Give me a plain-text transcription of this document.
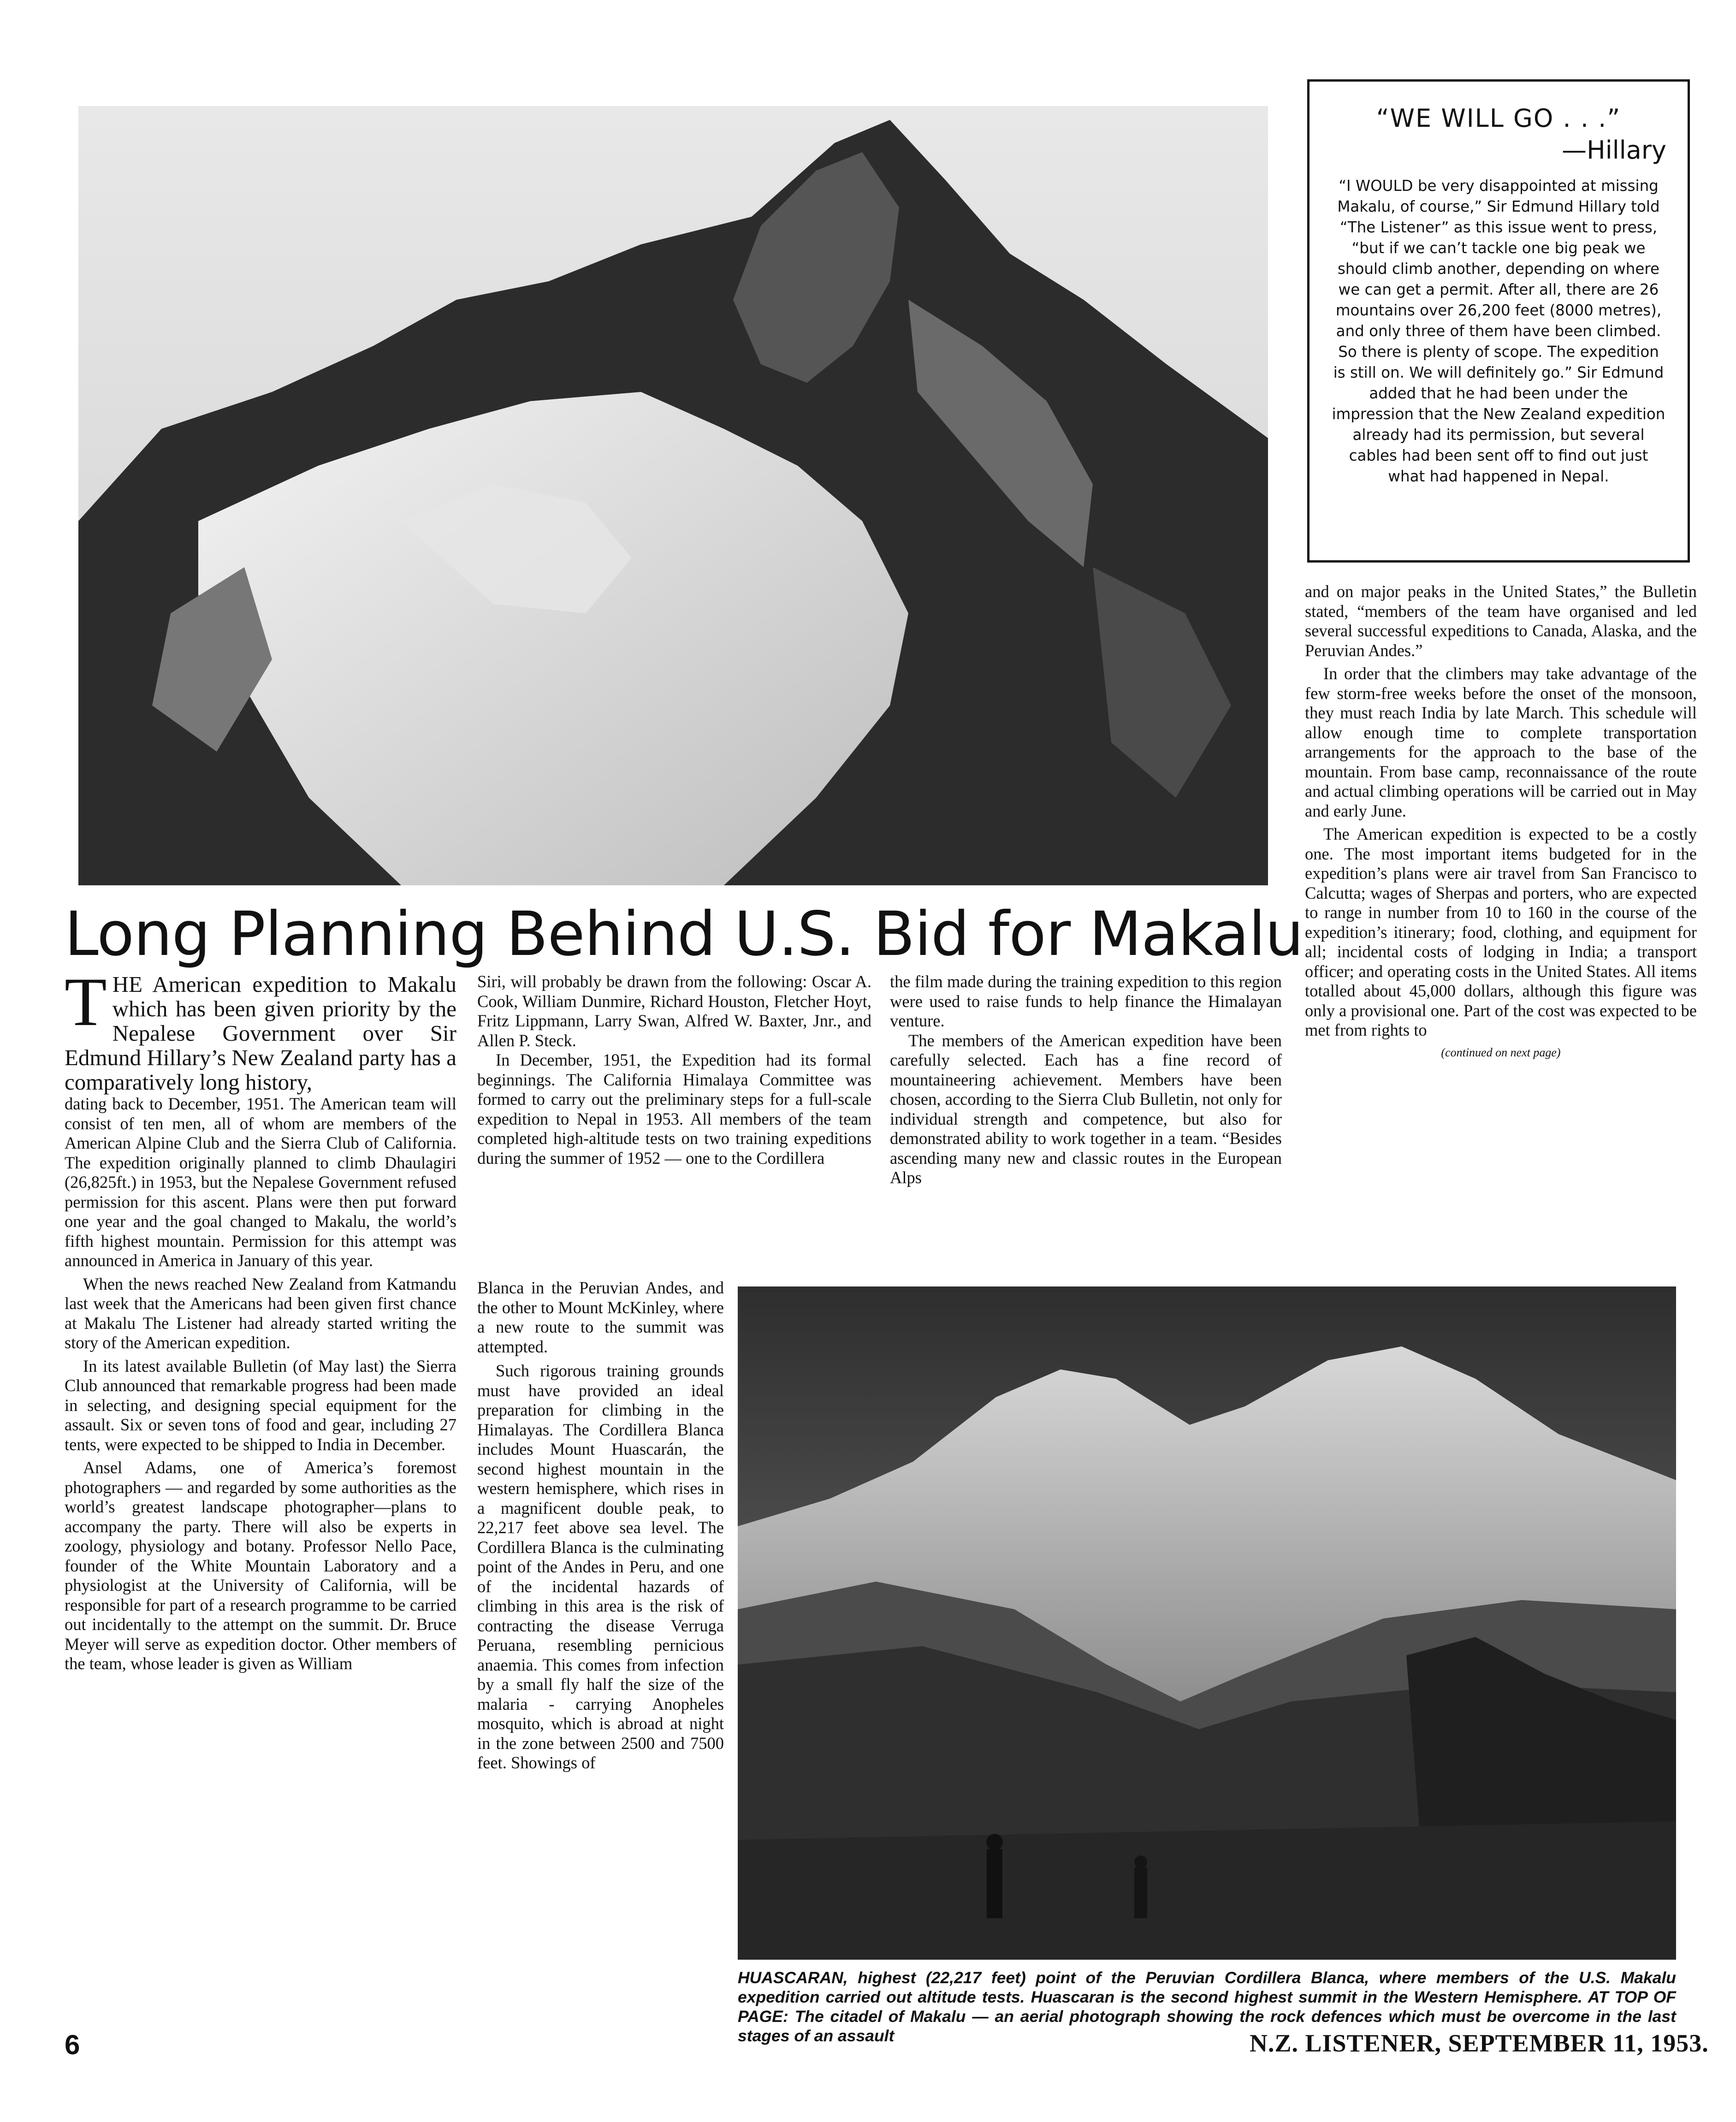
“WE WILL GO . . .”
—Hillary
“I WOULD be very disappointed at missing Makalu, of course,” Sir Edmund Hillary told “The Listener” as this issue went to press, “but if we can’t tackle one big peak we should climb another, depending on where we can get a permit. After all, there are 26 mountains over 26,200 feet (8000 metres), and only three of them have been climbed. So there is plenty of scope. The expedition is still on. We will definitely go.” Sir Edmund added that he had been under the impression that the New Zealand expedition already had its permission, but several cables had been sent off to find out just what had happened in Nepal.
Long Planning Behind U.S. Bid for Makalu

THE American expedition to Makalu which has been given priority by the Nepalese Government over Sir Edmund Hillary’s New Zealand party has a comparatively long history,

dating back to December, 1951. The American team will consist of ten men, all of whom are members of the American Alpine Club and the Sierra Club of California. The expedition originally planned to climb Dhaulagiri (26,825ft.) in 1953, but the Nepalese Government refused permission for this ascent. Plans were then put forward one year and the goal changed to Makalu, the world’s fifth highest mountain. Permission for this attempt was announced in America in January of this year.

When the news reached New Zealand from Katmandu last week that the Americans had been given first chance at Makalu The Listener had already started writing the story of the American expedition.

In its latest available Bulletin (of May last) the Sierra Club announced that remarkable progress had been made in selecting, and designing special equipment for the assault. Six or seven tons of food and gear, including 27 tents, were expected to be shipped to India in December.

Ansel Adams, one of America’s foremost photographers — and regarded by some authorities as the world’s greatest landscape photographer—plans to accompany the party. There will also be experts in zoology, physiology and botany. Professor Nello Pace, founder of the White Mountain Laboratory and a physiologist at the University of California, will be responsible for part of a research programme to be carried out incidentally to the attempt on the summit. Dr. Bruce Meyer will serve as expedition doctor. Other members of the team, whose leader is given as William

Siri, will probably be drawn from the following: Oscar A. Cook, William Dunmire, Richard Houston, Fletcher Hoyt, Fritz Lippmann, Larry Swan, Alfred W. Baxter, Jnr., and Allen P. Steck.

In December, 1951, the Expedition had its formal beginnings. The California Himalaya Committee was formed to carry out the preliminary steps for a full-scale expedition to Nepal in 1953. All members of the team completed high-altitude tests on two training expeditions during the summer of 1952 — one to the Cordillera

Blanca in the Peruvian Andes, and the other to Mount McKinley, where a new route to the summit was attempted.

Such rigorous training grounds must have provided an ideal preparation for climbing in the Himalayas. The Cordillera Blanca includes Mount Huascarán, the second highest mountain in the western hemisphere, which rises in a magnificent double peak, to 22,217 feet above sea level. The Cordillera Blanca is the culminating point of the Andes in Peru, and one of the incidental hazards of climbing in this area is the risk of contracting the disease Verruga Peruana, resembling pernicious anaemia. This comes from infection by a small fly half the size of the malaria - carrying Anopheles mosquito, which is abroad at night in the zone between 2500 and 7500 feet. Showings of

the film made during the training expedition to this region were used to raise funds to help finance the Himalayan venture.

The members of the American expedition have been carefully selected. Each has a fine record of mountaineering achievement. Members have been chosen, according to the Sierra Club Bulletin, not only for individual strength and competence, but also for demonstrated ability to work together in a team. “Besides ascending many new and classic routes in the European Alps

and on major peaks in the United States,” the Bulletin stated, “members of the team have organised and led several successful expeditions to Canada, Alaska, and the Peruvian Andes.”

In order that the climbers may take advantage of the few storm-free weeks before the onset of the monsoon, they must reach India by late March. This schedule will allow enough time to complete transportation arrangements for the approach to the base of the mountain. From base camp, reconnaissance of the route and actual climbing operations will be carried out in May and early June.

The American expedition is expected to be a costly one. The most important items budgeted for in the expedition’s plans were air travel from San Francisco to Calcutta; wages of Sherpas and porters, who are expected to range in number from 10 to 160 in the course of the expedition’s itinerary; food, clothing, and equipment for all; incidental costs of lodging in India; a transport officer; and operating costs in the United States. All items totalled about 45,000 dollars, although this figure was only a provisional one. Part of the cost was expected to be met from rights to

(continued on next page)
HUASCARAN, highest (22,217 feet) point of the Peruvian Cordillera Blanca, where members of the U.S. Makalu expedition carried out altitude tests. Huascaran is the second highest summit in the Western Hemisphere. AT TOP OF PAGE: The citadel of Makalu — an aerial photograph showing the rock defences which must be overcome in the last stages of an assault
6	N.Z. LISTENER, SEPTEMBER 11, 1953.
